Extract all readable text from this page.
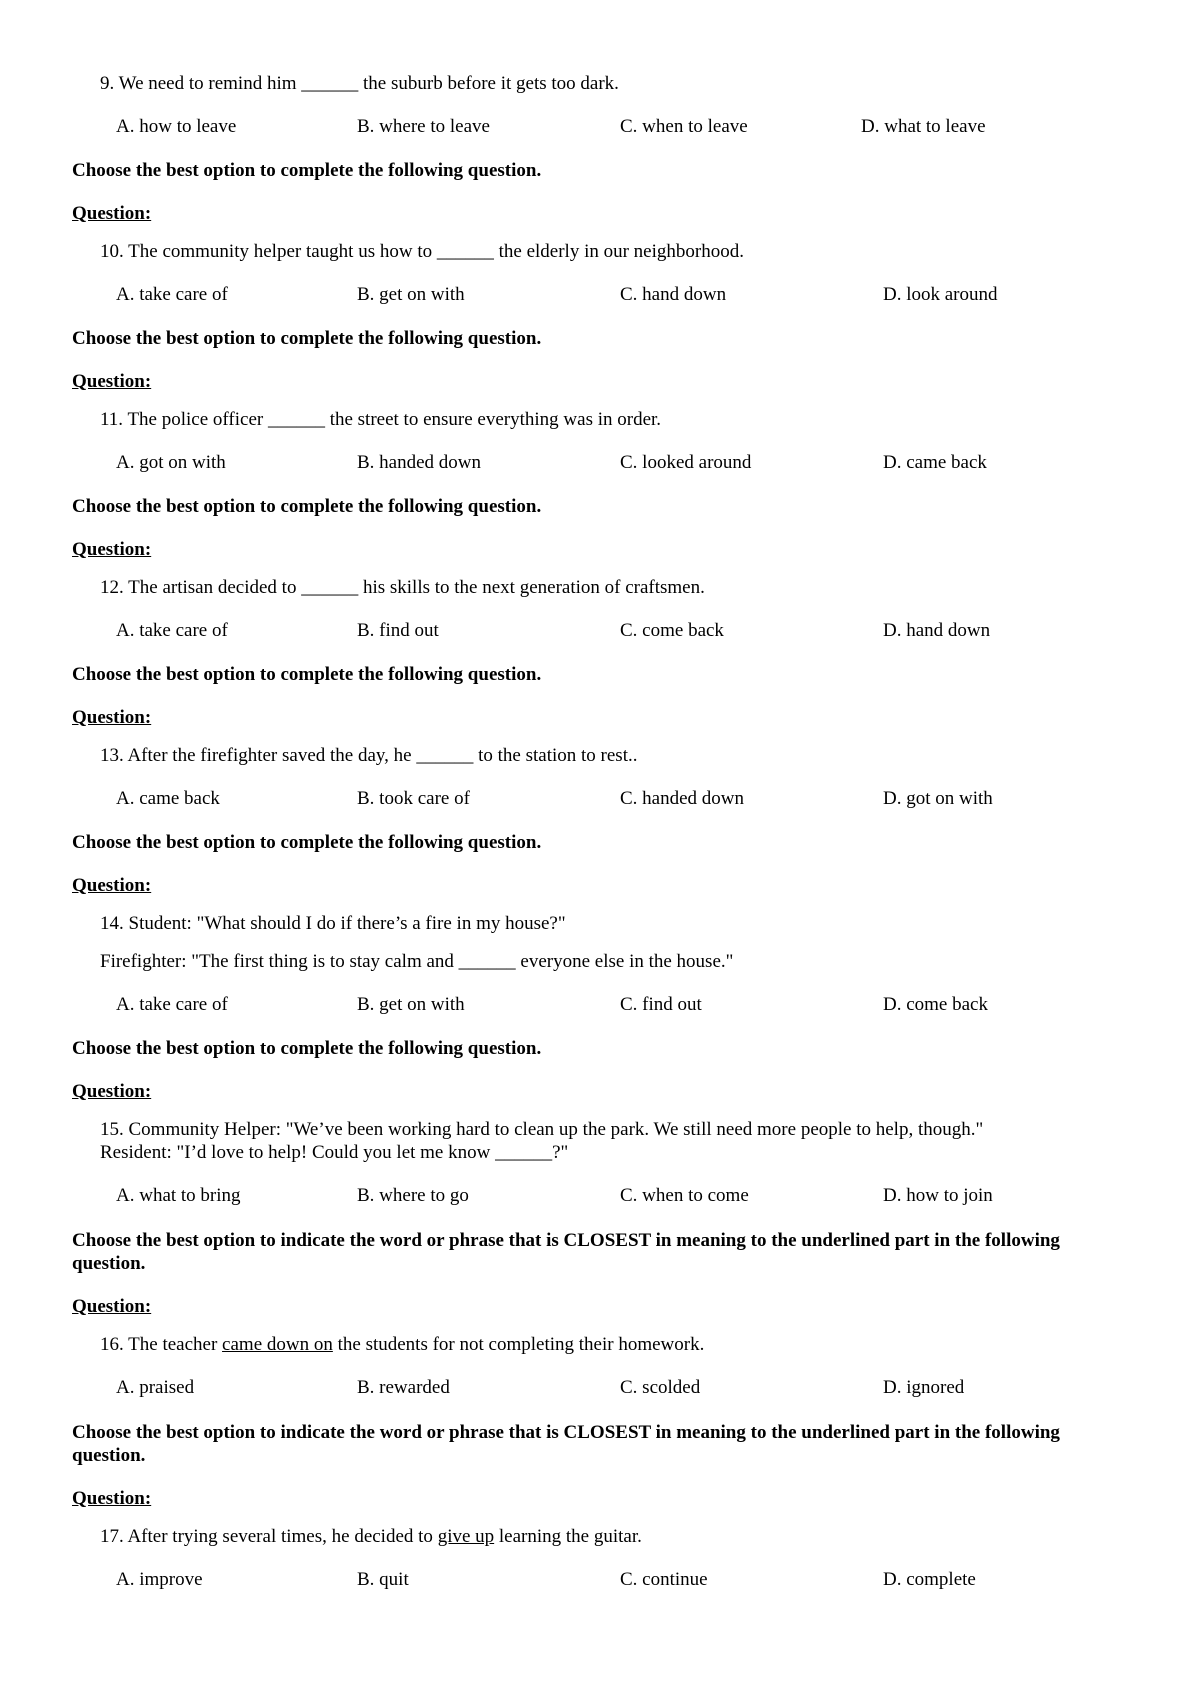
9. We need to remind him ______ the suburb before it gets too dark.
A. how to leave	B. where to leave	C. when to leave	D. what to leave
Choose the best option to complete the following question.
Question:
10. The community helper taught us how to ______ the elderly in our neighborhood.
A. take care of	B. get on with	C. hand down	D. look around
Choose the best option to complete the following question.
Question:
11. The police officer ______ the street to ensure everything was in order.
A. got on with	B. handed down	C. looked around	D. came back
Choose the best option to complete the following question.
Question:
12. The artisan decided to ______ his skills to the next generation of craftsmen.
A. take care of	B. find out	C. come back	D. hand down
Choose the best option to complete the following question.
Question:
13. After the firefighter saved the day, he ______ to the station to rest..
A. came back	B. took care of	C. handed down	D. got on with
Choose the best option to complete the following question.
Question:
14. Student: "What should I do if there’s a fire in my house?"
Firefighter: "The first thing is to stay calm and ______ everyone else in the house."
A. take care of	B. get on with	C. find out	D. come back
Choose the best option to complete the following question.
Question:
15. Community Helper: "We’ve been working hard to clean up the park. We still need more people to help, though."
Resident: "I’d love to help! Could you let me know ______?"
A. what to bring	B. where to go	C. when to come	D. how to join
Choose the best option to indicate the word or phrase that is CLOSEST in meaning to the underlined part in the following question.
Question:
16. The teacher came down on the students for not completing their homework.
A. praised	B. rewarded	C. scolded	D. ignored
Choose the best option to indicate the word or phrase that is CLOSEST in meaning to the underlined part in the following question.
Question:
17. After trying several times, he decided to give up learning the guitar.
A. improve	B. quit	C. continue	D. complete
